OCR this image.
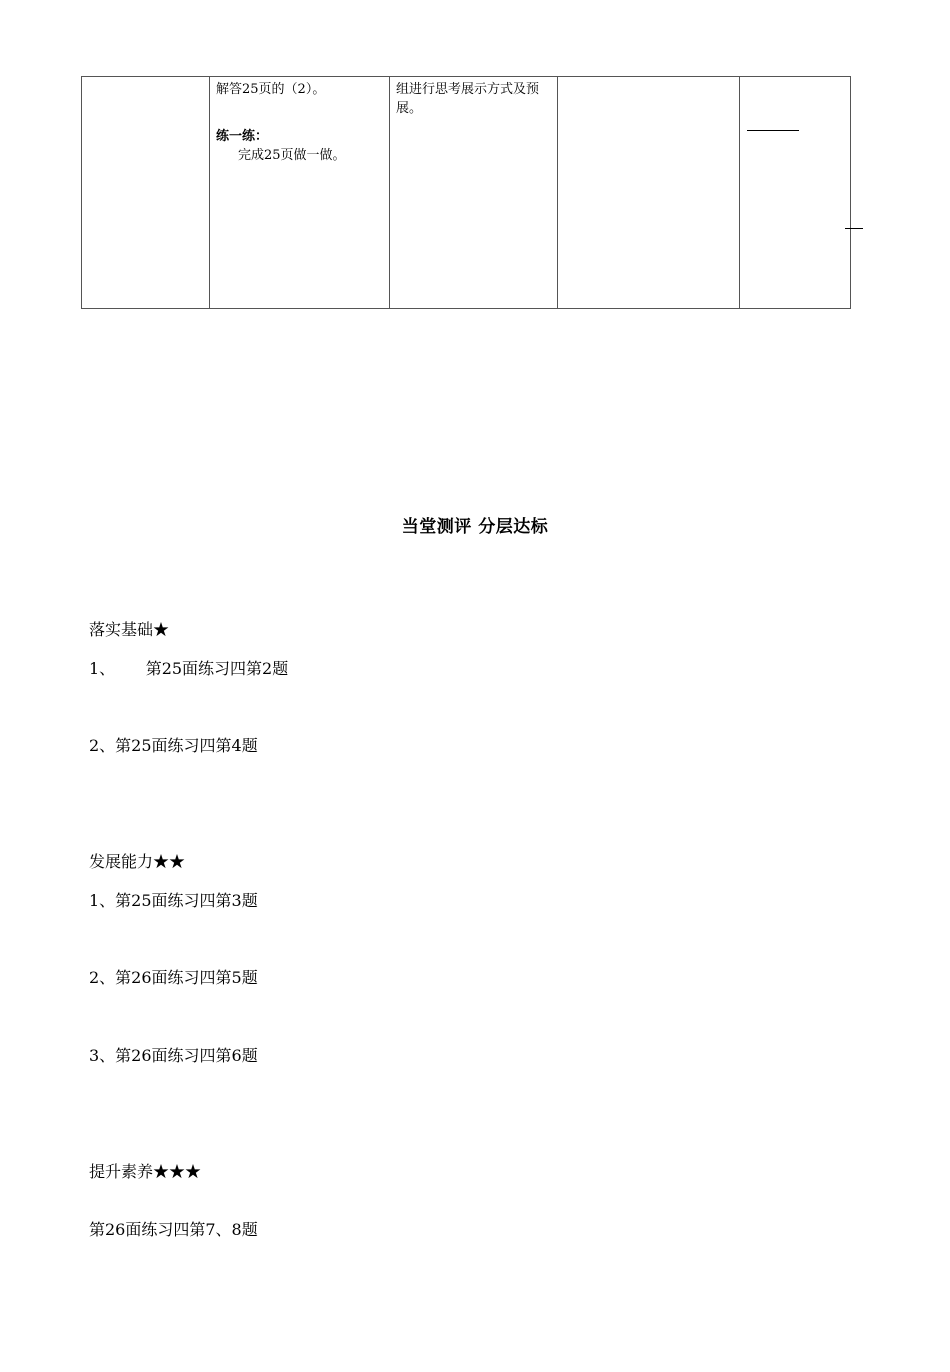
	解答25页的（2）。
练一练：
完成25页做一做。
	组进行思考展示方式及预展。		
当堂测评 分层达标
落实基础★
1、      第25面练习四第2题
2、第25面练习四第4题
发展能力★★
1、第25面练习四第3题
2、第26面练习四第5题
3、第26面练习四第6题
提升素养★★★
第26面练习四第7、8题
